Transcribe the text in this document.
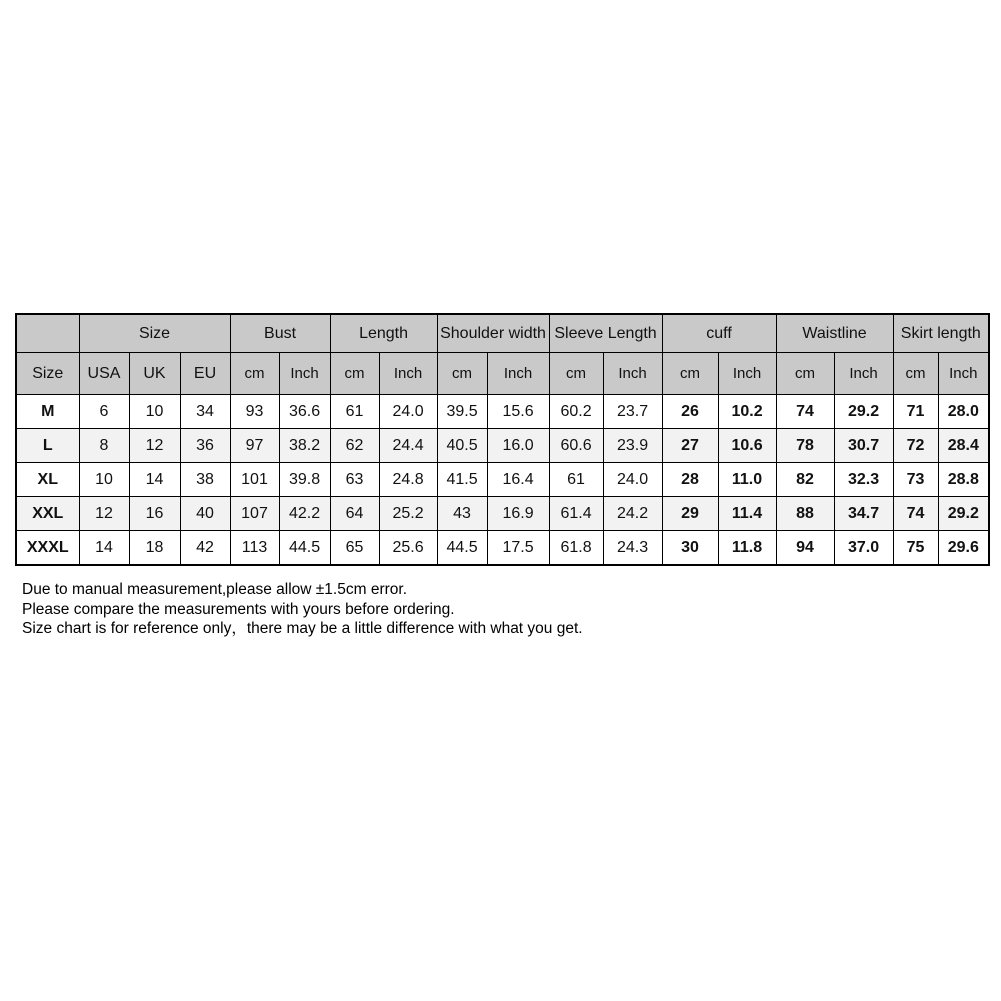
	Size			Bust		Length		Shoulder width		Sleeve Length		cuff		Waistline		Skirt length	
Size	USA	UK	EU	cm	Inch	cm	Inch	cm	Inch	cm	Inch	cm	Inch	cm	Inch	cm	Inch
M	6	10	34	93	36.6	61	24.0	39.5	15.6	60.2	23.7	26	10.2	74	29.2	71	28.0
L	8	12	36	97	38.2	62	24.4	40.5	16.0	60.6	23.9	27	10.6	78	30.7	72	28.4
XL	10	14	38	101	39.8	63	24.8	41.5	16.4	61	24.0	28	11.0	82	32.3	73	28.8
XXL	12	16	40	107	42.2	64	25.2	43	16.9	61.4	24.2	29	11.4	88	34.7	74	29.2
XXXL	14	18	42	113	44.5	65	25.6	44.5	17.5	61.8	24.3	30	11.8	94	37.0	75	29.6

Due to manual measurement,please allow ±1.5cm error.

Please compare the measurements with yours before ordering.

Size chart is for reference only，there may be a little difference with what you get.
